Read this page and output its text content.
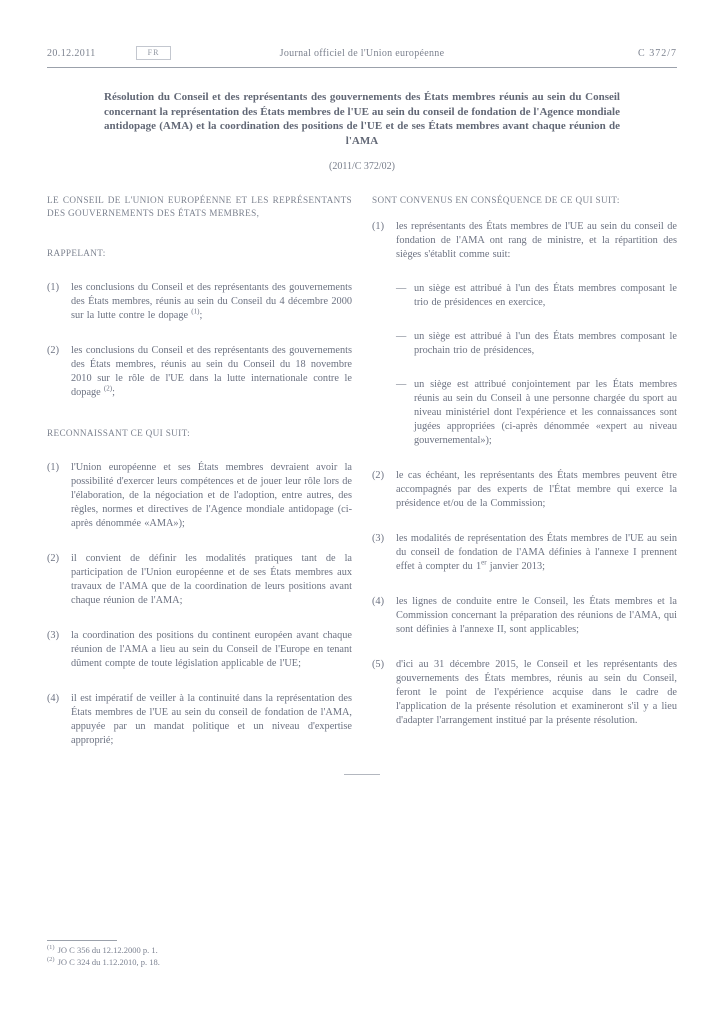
20.12.2011	FR	Journal officiel de l'Union européenne	C 372/7
Résolution du Conseil et des représentants des gouvernements des États membres réunis au sein du Conseil concernant la représentation des États membres de l'UE au sein du conseil de fondation de l'Agence mondiale antidopage (AMA) et la coordination des positions de l'UE et de ses États membres avant chaque réunion de l'AMA
(2011/C 372/02)

LE CONSEIL DE L'UNION EUROPÉENNE ET LES REPRÉSENTANTS DES GOUVERNEMENTS DES ÉTATS MEMBRES,

RAPPELANT:

(1)	les conclusions du Conseil et des représentants des gouvernements des États membres, réunis au sein du Conseil du 4 décembre 2000 sur la lutte contre le dopage $^{(1)}$;
(2)	les conclusions du Conseil et des représentants des gouvernements des États membres, réunis au sein du Conseil du 18 novembre 2010 sur le rôle de l'UE dans la lutte internationale contre le dopage $^{(2)}$;

RECONNAISSANT CE QUI SUIT:

(1)	l'Union européenne et ses États membres devraient avoir la possibilité d'exercer leurs compétences et de jouer leur rôle lors de l'élaboration, de la négociation et de l'adoption, entre autres, des règles, normes et directives de l'Agence mondiale antidopage (ci-après dénommée «AMA»);
(2)	il convient de définir les modalités pratiques tant de la participation de l'Union européenne et de ses États membres aux travaux de l'AMA que de la coordination de leurs positions avant chaque réunion de l'AMA;
(3)	la coordination des positions du continent européen avant chaque réunion de l'AMA a lieu au sein du Conseil de l'Europe en tenant dûment compte de toute législation applicable de l'UE;
(4)	il est impératif de veiller à la continuité dans la représentation des États membres de l'UE au sein du conseil de fondation de l'AMA, appuyée par un mandat politique et un niveau d'expertise approprié;

SONT CONVENUS EN CONSÉQUENCE DE CE QUI SUIT:

(1)	les représentants des États membres de l'UE au sein du conseil de fondation de l'AMA ont rang de ministre, et la répartition des sièges s'établit comme suit:
— un siège est attribué à l'un des États membres composant le trio de présidences en exercice,
— un siège est attribué à l'un des États membres composant le prochain trio de présidences,
— un siège est attribué conjointement par les États membres réunis au sein du Conseil à une personne chargée du sport au niveau ministériel dont l'expérience et les connaissances sont jugées appropriées (ci-après dénommée «expert au niveau gouvernemental»);
(2)	le cas échéant, les représentants des États membres peuvent être accompagnés par des experts de l'État membre qui exerce la présidence et/ou de la Commission;
(3)	les modalités de représentation des États membres de l'UE au sein du conseil de fondation de l'AMA définies à l'annexe I prennent effet à compter du 1er janvier 2013;
(4)	les lignes de conduite entre le Conseil, les États membres et la Commission concernant la préparation des réunions de l'AMA, qui sont définies à l'annexe II, sont applicables;
(5)	d'ici au 31 décembre 2015, le Conseil et les représentants des gouvernements des États membres, réunis au sein du Conseil, feront le point de l'expérience acquise dans le cadre de l'application de la présente résolution et examineront s'il y a lieu d'adapter l'arrangement institué par la présente résolution.
$^{(1)}$ JO C 356 du 12.12.2000 p. 1.
$^{(2)}$ JO C 324 du 1.12.2010, p. 18.
